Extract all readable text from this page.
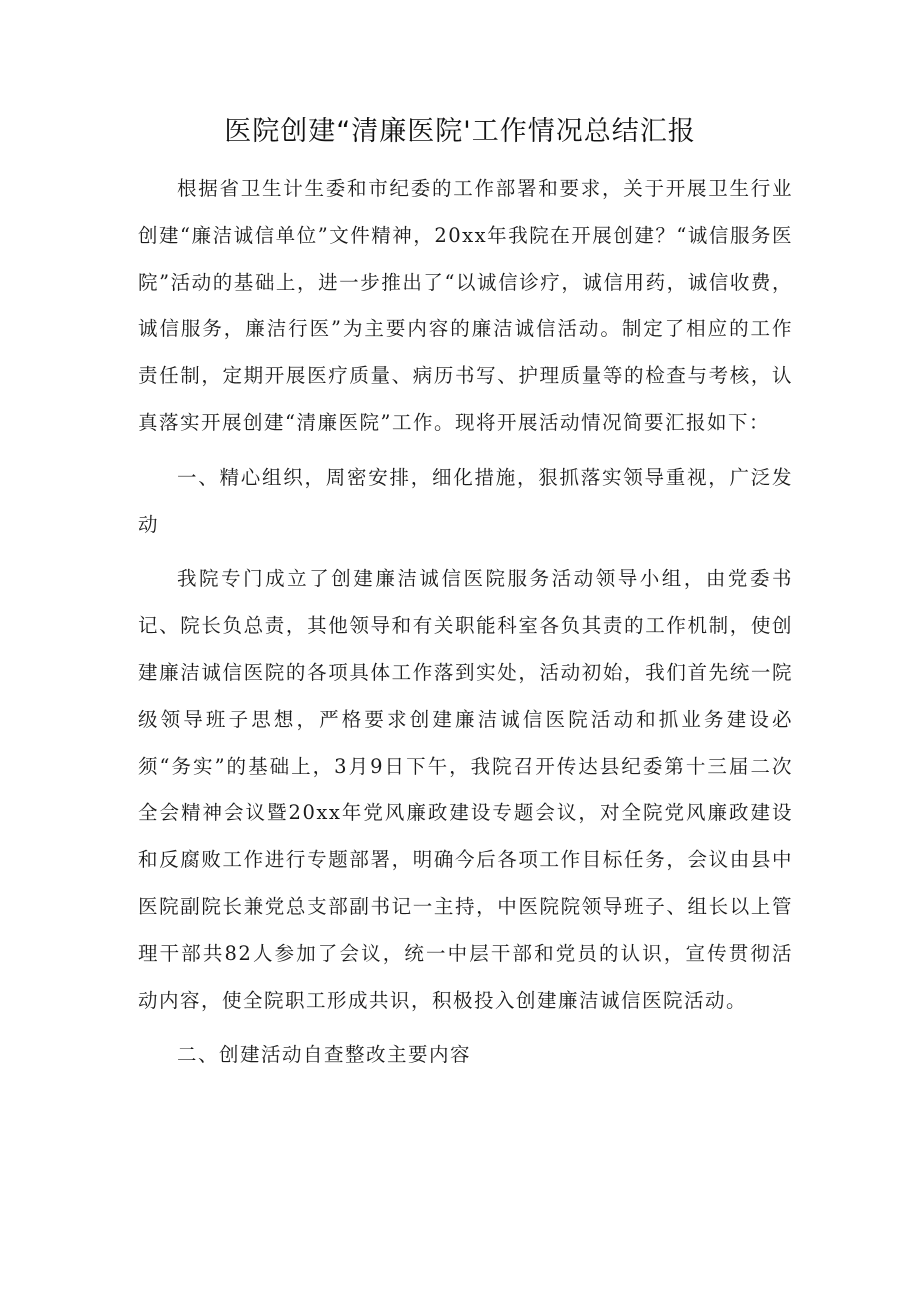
医院创建“清廉医院'工作情况总结汇报

根据省卫生计生委和市纪委的工作部署和要求，关于开展卫生行业创建“廉洁诚信单位”文件精神，20xx年我院在开展创建？“诚信服务医院”活动的基础上，进一步推出了“以诚信诊疗，诚信用药，诚信收费，诚信服务，廉洁行医”为主要内容的廉洁诚信活动。制定了相应的工作责任制，定期开展医疗质量、病历书写、护理质量等的检查与考核，认真落实开展创建“清廉医院”工作。现将开展活动情况简要汇报如下：

一、精心组织，周密安排，细化措施，狠抓落实领导重视，广泛发动

我院专门成立了创建廉洁诚信医院服务活动领导小组，由党委书记、院长负总责，其他领导和有关职能科室各负其责的工作机制，使创建廉洁诚信医院的各项具体工作落到实处，活动初始，我们首先统一院级领导班子思想，严格要求创建廉洁诚信医院活动和抓业务建设必须“务实”的基础上，3月9日下午，我院召开传达县纪委第十三届二次全会精神会议暨20xx年党风廉政建设专题会议，对全院党风廉政建设和反腐败工作进行专题部署，明确今后各项工作目标任务，会议由县中医院副院长兼党总支部副书记一主持，中医院院领导班子、组长以上管理干部共82人参加了会议，统一中层干部和党员的认识，宣传贯彻活动内容，使全院职工形成共识，积极投入创建廉洁诚信医院活动。

二、创建活动自查整改主要内容
